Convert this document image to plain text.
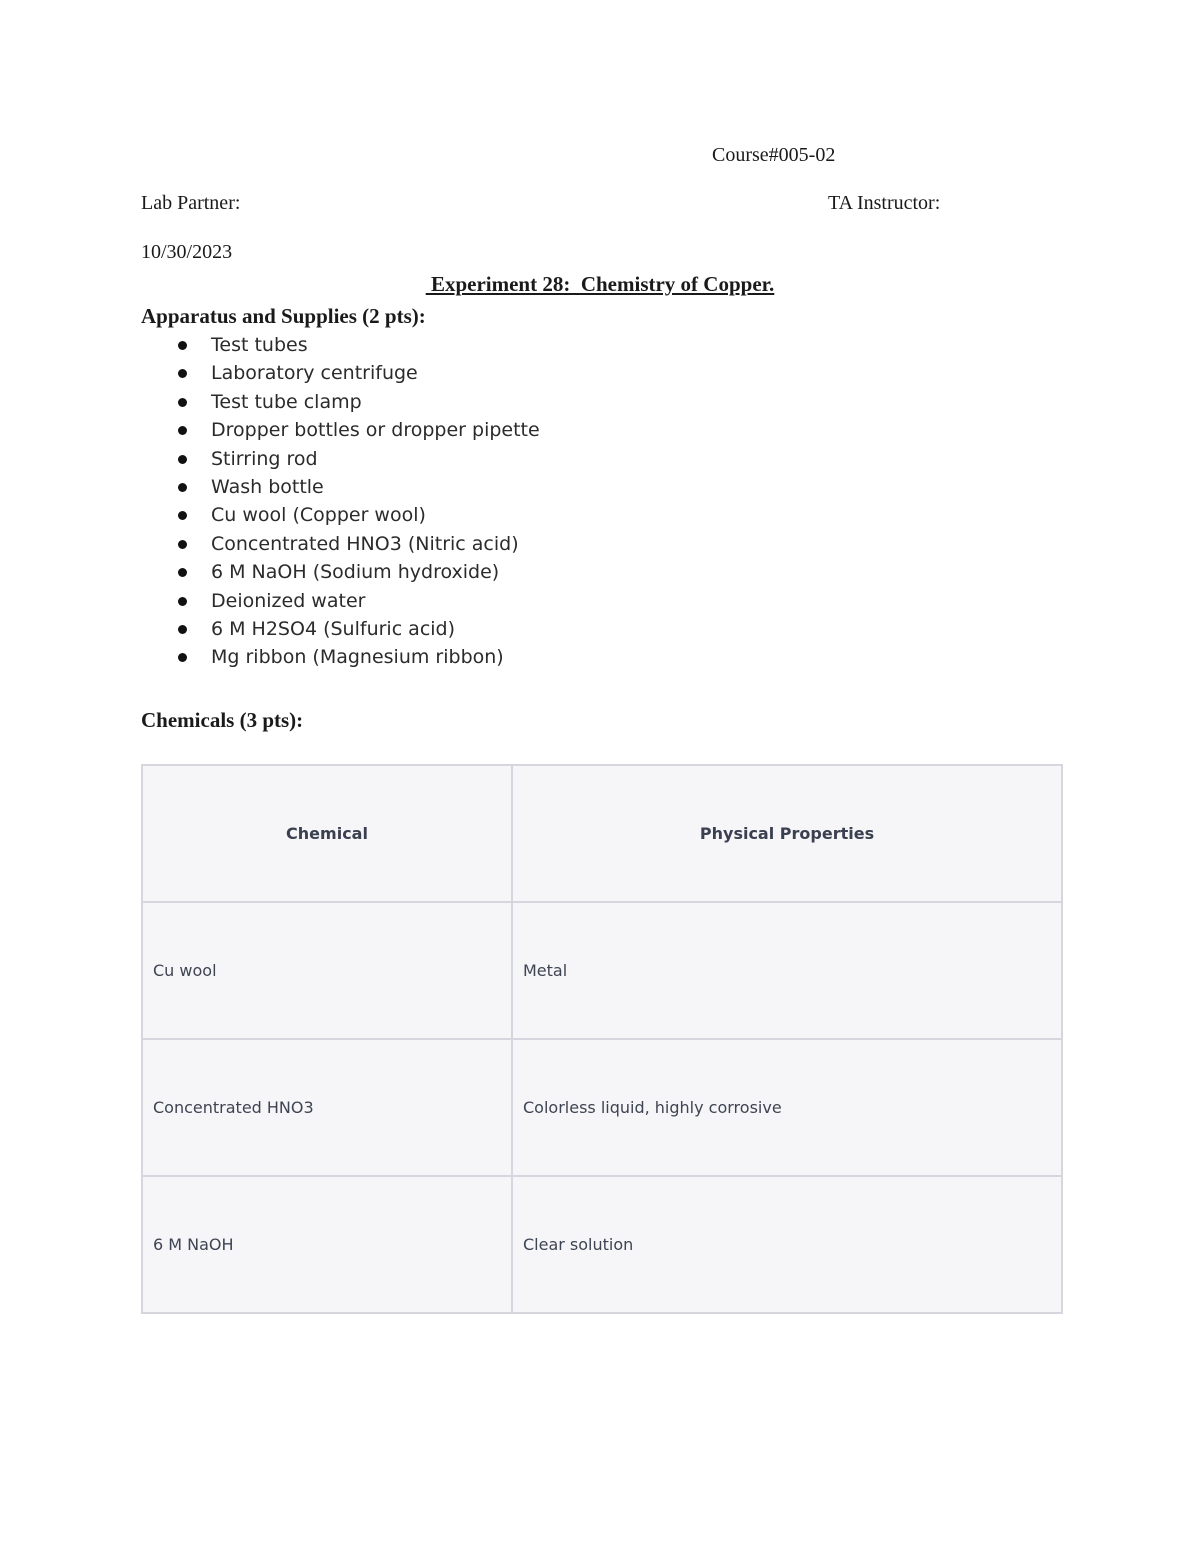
Course#005-02
Lab Partner:	TA Instructor:
10/30/2023
Experiment 28:  Chemistry of Copper.
Apparatus and Supplies (2 pts):
Test tubes
Laboratory centrifuge
Test tube clamp
Dropper bottles or dropper pipette
Stirring rod
Wash bottle
Cu wool (Copper wool)
Concentrated HNO3 (Nitric acid)
6 M NaOH (Sodium hydroxide)
Deionized water
6 M H2SO4 (Sulfuric acid)
Mg ribbon (Magnesium ribbon)
Chemicals (3 pts):
Chemical	Physical Properties
Cu wool	Metal
Concentrated HNO3	Colorless liquid, highly corrosive
6 M NaOH	Clear solution
